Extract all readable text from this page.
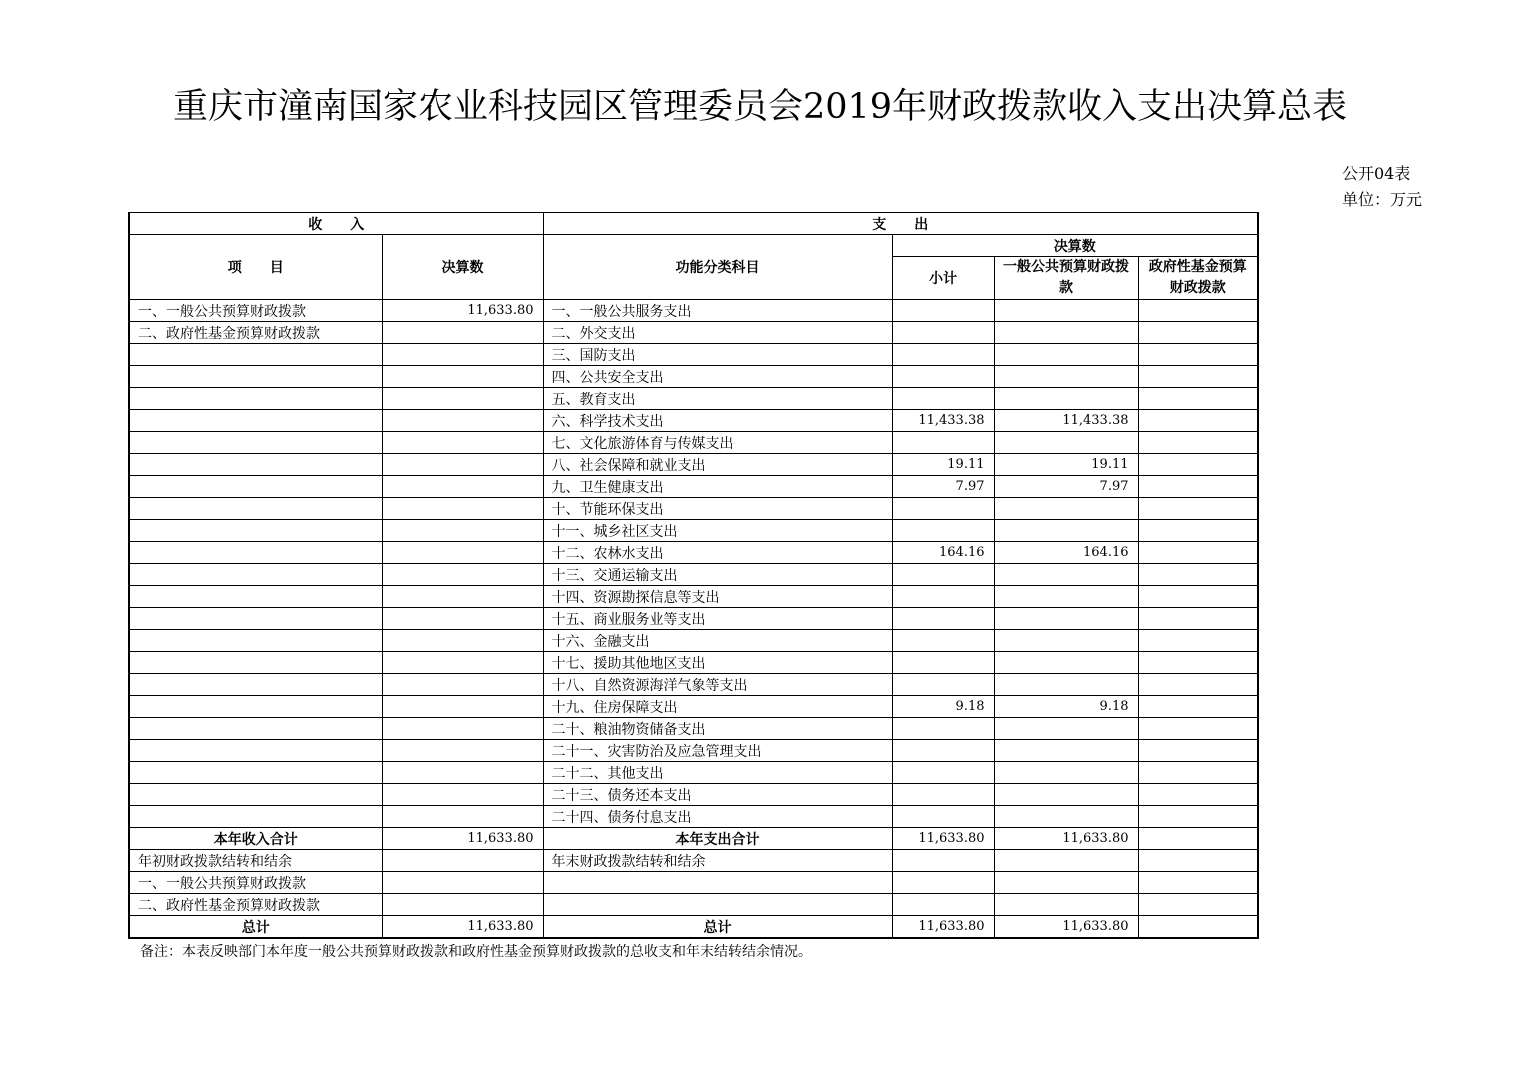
重庆市潼南国家农业科技园区管理委员会2019年财政拨款收入支出决算总表
公开04表
单位：万元
收　　入		支　　出			
项　　目	决算数	功能分类科目	决算数		
			小计	一般公共预算财政拨款	政府性基金预算财政拨款

一、一般公共预算财政拨款	11,633.80	一、一般公共服务支出			
二、政府性基金预算财政拨款		二、外交支出			
		三、国防支出			
		四、公共安全支出			
		五、教育支出			
		六、科学技术支出	11,433.38	11,433.38	
		七、文化旅游体育与传媒支出			
		八、社会保障和就业支出	19.11	19.11	
		九、卫生健康支出	7.97	7.97	
		十、节能环保支出			
		十一、城乡社区支出			
		十二、农林水支出	164.16	164.16	
		十三、交通运输支出			
		十四、资源勘探信息等支出			
		十五、商业服务业等支出			
		十六、金融支出			
		十七、援助其他地区支出			
		十八、自然资源海洋气象等支出			
		十九、住房保障支出	9.18	9.18	
		二十、粮油物资储备支出			
		二十一、灾害防治及应急管理支出			
		二十二、其他支出			
		二十三、债务还本支出			
		二十四、债务付息支出			
本年收入合计	11,633.80	本年支出合计	11,633.80	11,633.80	
年初财政拨款结转和结余		年末财政拨款结转和结余			
一、一般公共预算财政拨款					
二、政府性基金预算财政拨款					
总计	11,633.80	总计	11,633.80	11,633.80	
备注：本表反映部门本年度一般公共预算财政拨款和政府性基金预算财政拨款的总收支和年末结转结余情况。
